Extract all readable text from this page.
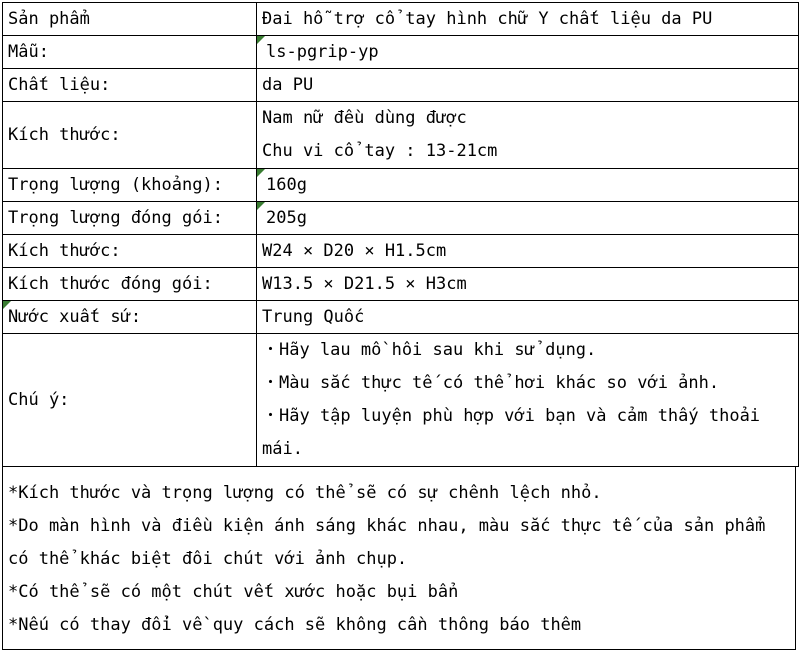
Sản phẩm	Đai hỗ trợ cổ tay hình chữ Y chất liệu da PU
Mẫu:	ls-pgrip-yp
Chất liệu:	da PU
Kích thước:	Nam nữ đều dùng được
Chu vi cổ tay : 13-21cm

Trọng lượng (khoảng):	160g
Trọng lượng đóng gói:	205g
Kích thước:	W24 × D20 × H1.5cm
Kích thước đóng gói:	W13.5 × D21.5 × H3cm

Nước xuất sứ:	Trung Quốc
Chú ý:	・Hãy lau mồ hôi sau khi sử dụng.
・Màu sắc thực tế có thể hơi khác so với ảnh.
・Hãy tập luyện phù hợp với bạn và cảm thấy thoải mái.
*Kích thước và trọng lượng có thể sẽ có sự chênh lệch nhỏ.
*Do màn hình và điều kiện ánh sáng khác nhau, màu sắc thực tế của sản phẩm có thể khác biệt đôi chút với ảnh chụp.
*Có thể sẽ có một chút vết xước hoặc bụi bẩn
*Nếu có thay đổi về quy cách sẽ không cần thông báo thêm
